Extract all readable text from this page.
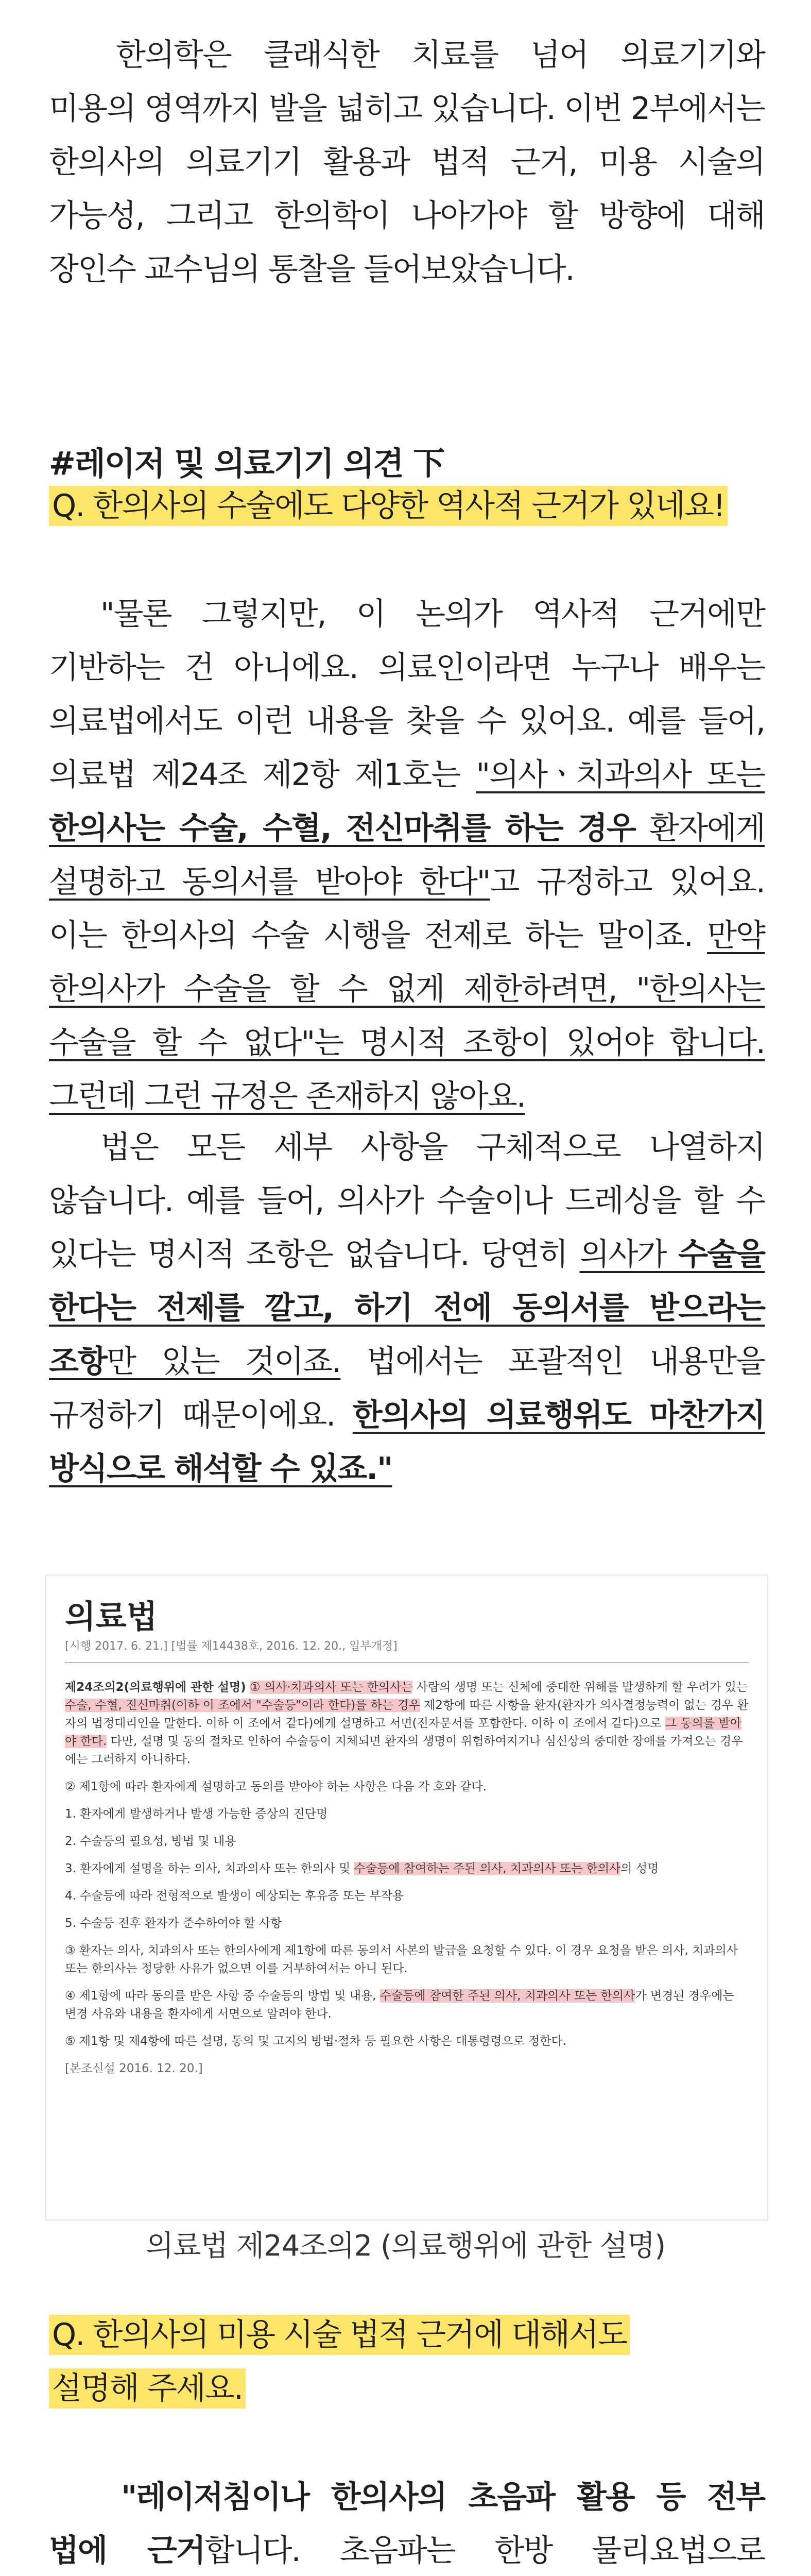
한의학은 클래식한 치료를 넘어 의료기기와 미용의 영역까지 발을 넓히고 있습니다. 이번 2부에서는 한의사의 의료기기 활용과 법적 근거, 미용 시술의 가능성, 그리고 한의학이 나아가야 할 방향에 대해 장인수 교수님의 통찰을 들어보았습니다.

#레이저 및 의료기기 의견 下

Q. 한의사의 수술에도 다양한 역사적 근거가 있네요!

"물론 그렇지만, 이 논의가 역사적 근거에만 기반하는 건 아니에요. 의료인이라면 누구나 배우는 의료법에서도 이런 내용을 찾을 수 있어요. 예를 들어, 의료법 제24조 제2항 제1호는 "의사ㆍ치과의사 또는 한의사는 수술, 수혈, 전신마취를 하는 경우 환자에게 설명하고 동의서를 받아야 한다"고 규정하고 있어요. 이는 한의사의 수술 시행을 전제로 하는 말이죠. 만약 한의사가 수술을 할 수 없게 제한하려면, "한의사는 수술을 할 수 없다"는 명시적 조항이 있어야 합니다. 그런데 그런 규정은 존재하지 않아요.

법은 모든 세부 사항을 구체적으로 나열하지 않습니다. 예를 들어, 의사가 수술이나 드레싱을 할 수 있다는 명시적 조항은 없습니다. 당연히 의사가 수술을 한다는 전제를 깔고, 하기 전에 동의서를 받으라는 조항만 있는 것이죠. 법에서는 포괄적인 내용만을 규정하기 때문이에요. 한의사의 의료행위도 마찬가지 방식으로 해석할 수 있죠."

의료법
[시행 2017. 6. 21.] [법률 제14438호, 2016. 12. 20., 일부개정]

제24조의2(의료행위에 관한 설명) ① 의사·치과의사 또는 한의사는 사람의 생명 또는 신체에 중대한 위해를 발생하게 할 우려가 있는 수술, 수혈, 전신마취(이하 이 조에서 "수술등"이라 한다)를 하는 경우 제2항에 따른 사항을 환자(환자가 의사결정능력이 없는 경우 환자의 법정대리인을 말한다. 이하 이 조에서 같다)에게 설명하고 서면(전자문서를 포함한다. 이하 이 조에서 같다)으로 그 동의를 받아야 한다. 다만, 설명 및 동의 절차로 인하여 수술등이 지체되면 환자의 생명이 위험하여지거나 심신상의 중대한 장애를 가져오는 경우에는 그러하지 아니하다.

② 제1항에 따라 환자에게 설명하고 동의를 받아야 하는 사항은 다음 각 호와 같다.

1. 환자에게 발생하거나 발생 가능한 증상의 진단명

2. 수술등의 필요성, 방법 및 내용

3. 환자에게 설명을 하는 의사, 치과의사 또는 한의사 및 수술등에 참여하는 주된 의사, 치과의사 또는 한의사의 성명

4. 수술등에 따라 전형적으로 발생이 예상되는 후유증 또는 부작용

5. 수술등 전후 환자가 준수하여야 할 사항

③ 환자는 의사, 치과의사 또는 한의사에게 제1항에 따른 동의서 사본의 발급을 요청할 수 있다. 이 경우 요청을 받은 의사, 치과의사 또는 한의사는 정당한 사유가 없으면 이를 거부하여서는 아니 된다.

④ 제1항에 따라 동의를 받은 사항 중 수술등의 방법 및 내용, 수술등에 참여한 주된 의사, 치과의사 또는 한의사가 변경된 경우에는 변경 사유와 내용을 환자에게 서면으로 알려야 한다.

⑤ 제1항 및 제4항에 따른 설명, 동의 및 고지의 방법·절차 등 필요한 사항은 대통령령으로 정한다.

[본조신설 2016. 12. 20.]

의료법 제24조의2 (의료행위에 관한 설명)

Q. 한의사의 미용 시술 법적 근거에 대해서도 설명해 주세요.

"레이저침이나 한의사의 초음파 활용 등 전부 법에 근거합니다. 초음파는 한방 물리요법으로
